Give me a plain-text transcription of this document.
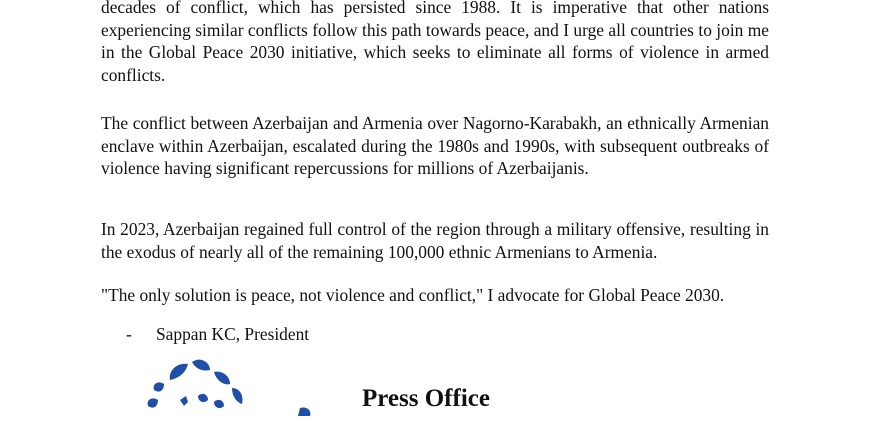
decades of conflict, which has persisted since 1988. It is imperative that other nations experiencing similar conflicts follow this path towards peace, and I urge all countries to join me in the Global Peace 2030 initiative, which seeks to eliminate all forms of violence in armed conflicts.

The conflict between Azerbaijan and Armenia over Nagorno-Karabakh, an ethnically Armenian enclave within Azerbaijan, escalated during the 1980s and 1990s, with subsequent outbreaks of violence having significant repercussions for millions of Azerbaijanis.

In 2023, Azerbaijan regained full control of the region through a military offensive, resulting in the exodus of nearly all of the remaining 100,000 ethnic Armenians to Armenia.

"The only solution is peace, not violence and conflict," I advocate for Global Peace 2030.

- Sappan KC, President
Press Office
